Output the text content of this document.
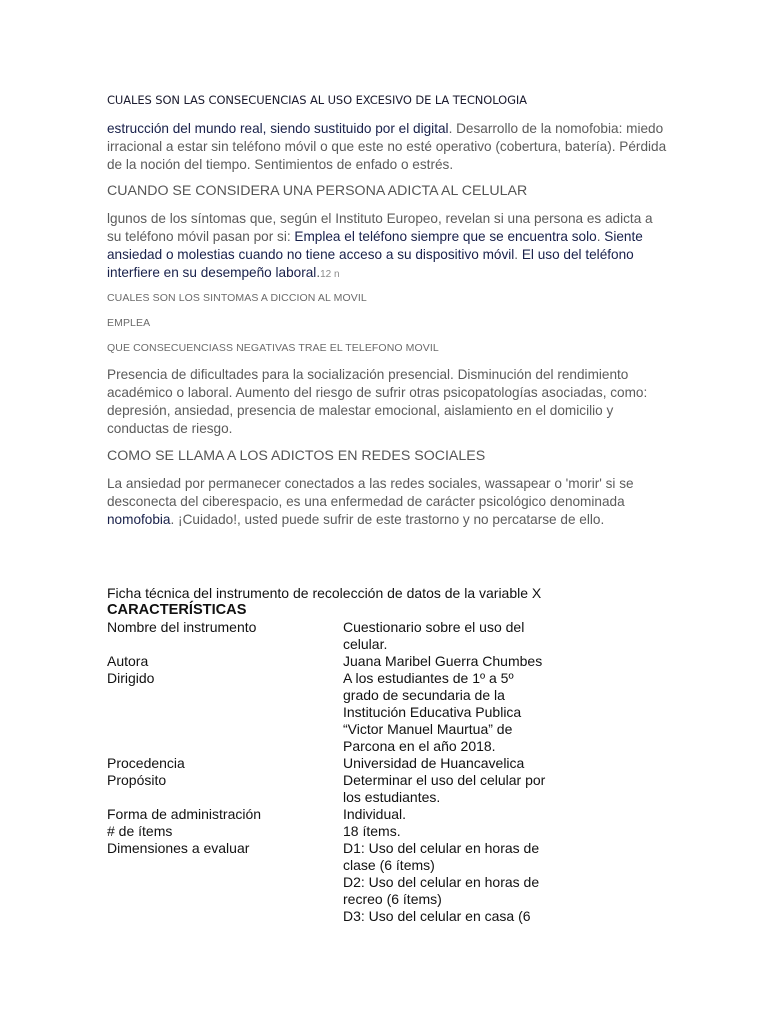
CUALES SON LAS CONSECUENCIAS AL USO EXCESIVO DE LA TECNOLOGIA
estrucción del mundo real, siendo sustituido por el digital. Desarrollo de la nomofobia: miedo irracional a estar sin teléfono móvil o que este no esté operativo (cobertura, batería). Pérdida de la noción del tiempo. Sentimientos de enfado o estrés.
CUANDO SE CONSIDERA UNA PERSONA ADICTA AL CELULAR
lgunos de los síntomas que, según el Instituto Europeo, revelan si una persona es adicta a su teléfono móvil pasan por si: Emplea el teléfono siempre que se encuentra solo. Siente ansiedad o molestias cuando no tiene acceso a su dispositivo móvil. El uso del teléfono interfiere en su desempeño laboral.12 n
CUALES SON LOS SINTOMAS A DICCION AL MOVIL
EMPLEA
QUE CONSECUENCIASS NEGATIVAS TRAE EL TELEFONO MOVIL
Presencia de dificultades para la socialización presencial. Disminución del rendimiento académico o laboral. Aumento del riesgo de sufrir otras psicopatologías asociadas, como: depresión, ansiedad, presencia de malestar emocional, aislamiento en el domicilio y conductas de riesgo.
COMO SE LLAMA A LOS ADICTOS EN REDES SOCIALES
La ansiedad por permanecer conectados a las redes sociales, wassapear o 'morir' si se desconecta del ciberespacio, es una enfermedad de carácter psicológico denominada nomofobia. ¡Cuidado!, usted puede sufrir de este trastorno y no percatarse de ello.
Ficha técnica del instrumento de recolección de datos de la variable X
CARACTERÍSTICAS
Nombre del instrumento	Cuestionario sobre el uso del celular.
Autora	Juana Maribel Guerra Chumbes
Dirigido	A los estudiantes de 1º a 5º grado de secundaria de la Institución Educativa Publica “Victor Manuel Maurtua” de Parcona en el año 2018.
Procedencia	Universidad de Huancavelica
Propósito	Determinar el uso del celular por los estudiantes.
Forma de administración	Individual.
# de ítems	18 ítems.
Dimensiones a evaluar	D1: Uso del celular en horas de clase (6 ítems)
D2: Uso del celular en horas de recreo (6 ítems)
D3: Uso del celular en casa (6
